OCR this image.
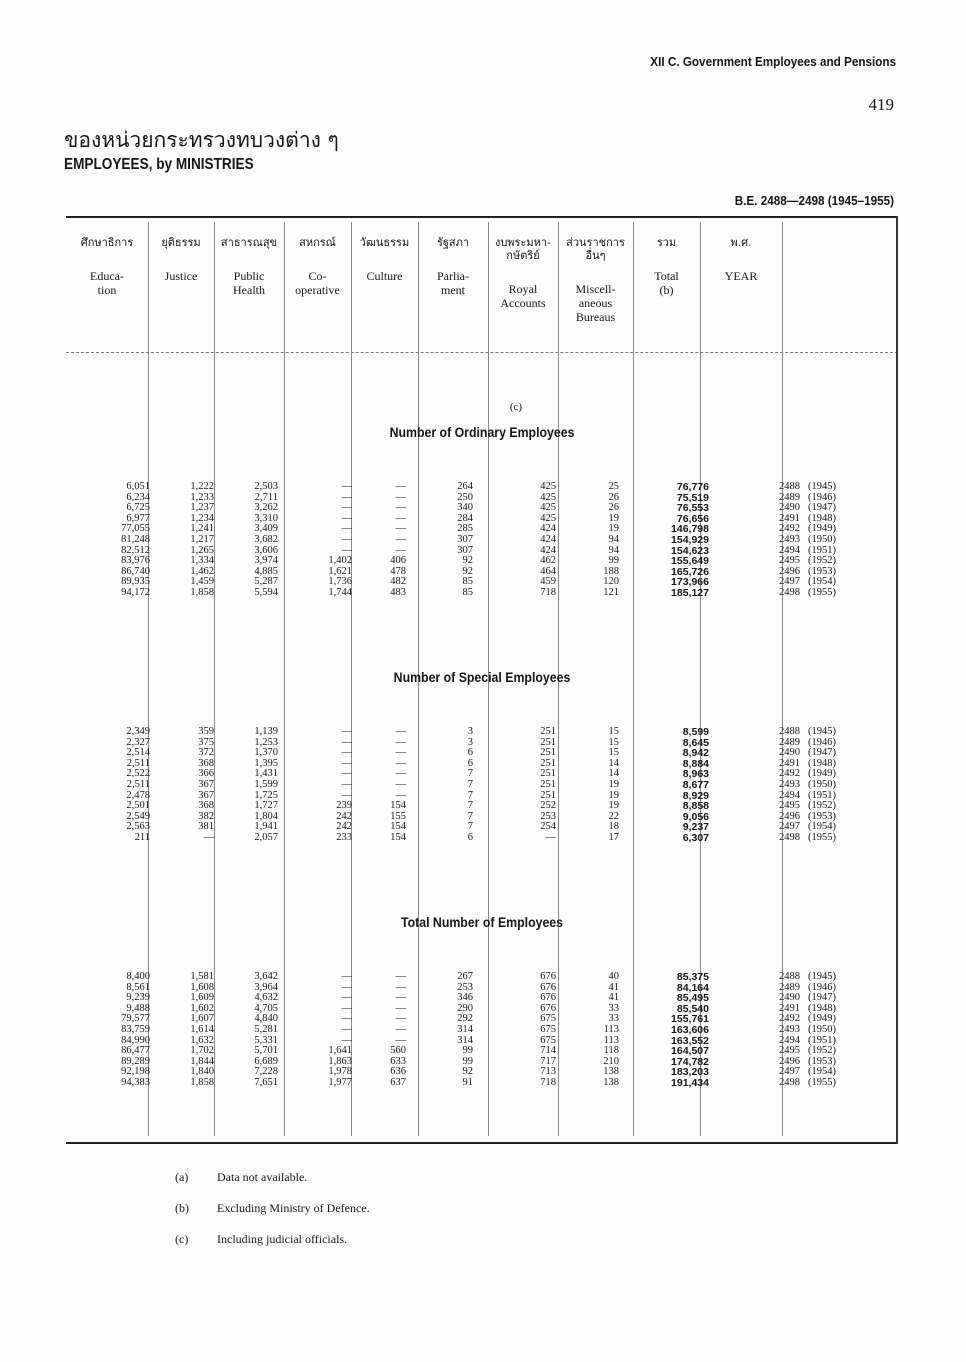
XII C. Government Employees and Pensions
419
ของหน่วยกระทรวงทบวงต่าง ๆ
EMPLOYEES, by MINISTRIES
B.E. 2488—2498 (1945–1955)
ศึกษาธิการ
Educa-
tion
ยุติธรรม
Justice
สาธารณสุข
Public
Health
สหกรณ์
Co-
operative
วัฒนธรรม
Culture
รัฐสภา
Parlia-
ment
งบพระมหา-
กษัตริย์
Royal
Accounts
ส่วนราชการ
อื่นๆ
Miscell-
aneous
Bureaus
รวม
Total
(b)
พ.ศ.
YEAR
(c)
Number of Ordinary Employees
6,051	1,222	2,503	—	—	264	425	25	76,776	2488 (1945)
6,234	1,233	2,711	—	—	250	425	26	75,519	2489 (1946)
6,725	1,237	3,262	—	—	340	425	26	76,553	2490 (1947)
6,977	1,234	3,310	—	—	284	425	19	76,656	2491 (1948)
77,055	1,241	3,409	—	—	285	424	19	146,798	2492 (1949)
81,248	1,217	3,682	—	—	307	424	94	154,929	2493 (1950)
82,512	1,265	3,606	—	—	307	424	94	154,623	2494 (1951)
83,976	1,334	3,974	1,402	406	92	462	99	155,649	2495 (1952)
86,740	1,462	4,885	1,621	478	92	464	188	165,726	2496 (1953)
89,935	1,459	5,287	1,736	482	85	459	120	173,966	2497 (1954)
94,172	1,858	5,594	1,744	483	85	718	121	185,127	2498 (1955)
Number of Special Employees
2,349	359	1,139	—	—	3	251	15	8,599	2488 (1945)
2,327	375	1,253	—	—	3	251	15	8,645	2489 (1946)
2,514	372	1,370	—	—	6	251	15	8,942	2490 (1947)
2,511	368	1,395	—	—	6	251	14	8,884	2491 (1948)
2,522	366	1,431	—	—	7	251	14	8,963	2492 (1949)
2,511	367	1,599	—	—	7	251	19	8,677	2493 (1950)
2,478	367	1,725	—	—	7	251	19	8,929	2494 (1951)
2,501	368	1,727	239	154	7	252	19	8,858	2495 (1952)
2,549	382	1,804	242	155	7	253	22	9,056	2496 (1953)
2,563	381	1,941	242	154	7	254	18	9,237	2497 (1954)
211	—	2,057	233	154	6	—	17	6,307	2498 (1955)
Total Number of Employees
8,400	1,581	3,642	—	—	267	676	40	85,375	2488 (1945)
8,561	1,608	3,964	—	—	253	676	41	84,164	2489 (1946)
9,239	1,609	4,632	—	—	346	676	41	85,495	2490 (1947)
9,488	1,602	4,705	—	—	290	676	33	85,540	2491 (1948)
79,577	1,607	4,840	—	—	292	675	33	155,761	2492 (1949)
83,759	1,614	5,281	—	—	314	675	113	163,606	2493 (1950)
84,990	1,632	5,331	—	—	314	675	113	163,552	2494 (1951)
86,477	1,702	5,701	1,641	560	99	714	118	164,507	2495 (1952)
89,289	1,844	6,689	1,863	633	99	717	210	174,782	2496 (1953)
92,198	1,840	7,228	1,978	636	92	713	138	183,203	2497 (1954)
94,383	1,858	7,651	1,977	637	91	718	138	191,434	2498 (1955)
(a) Data not available.
(b) Excluding Ministry of Defence.
(c) Including judicial officials.
